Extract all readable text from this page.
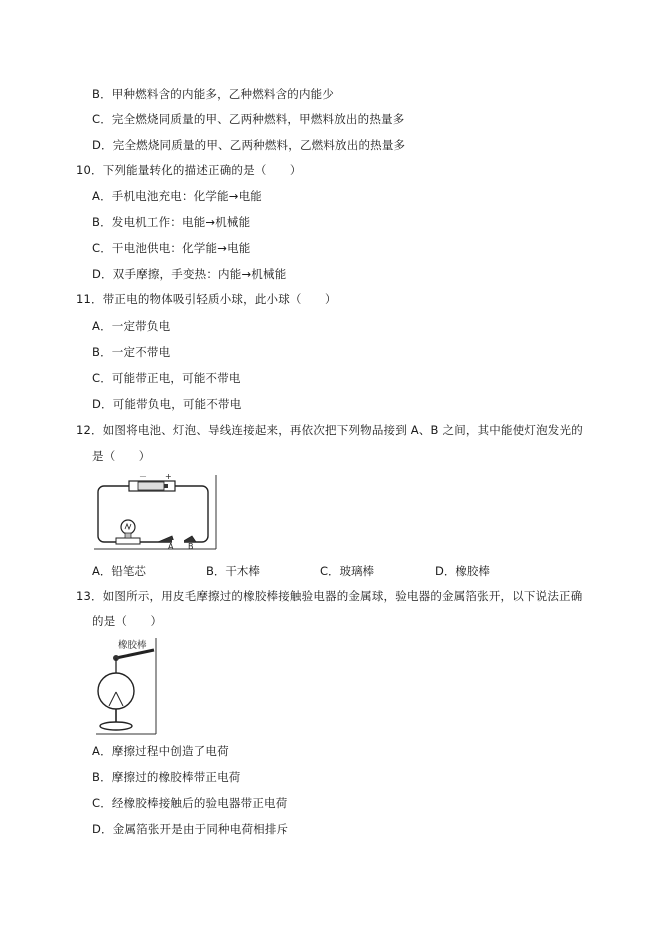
B．甲种燃料含的内能多，乙种燃料含的内能少
C．完全燃烧同质量的甲、乙两种燃料，甲燃料放出的热量多
D．完全燃烧同质量的甲、乙两种燃料，乙燃料放出的热量多
10．下列能量转化的描述正确的是（　　）
A．手机电池充电：化学能→电能
B．发电机工作：电能→机械能
C．干电池供电：化学能→电能
D．双手摩擦，手变热：内能→机械能
11．带正电的物体吸引轻质小球，此小球（　　）
A．一定带负电
B．一定不带电
C．可能带正电，可能不带电
D．可能带负电，可能不带电
12．如图将电池、灯泡、导线连接起来，再依次把下列物品接到 A、B 之间，其中能使灯泡发光的
是（　　）
－ +
A B
A．铅笔芯	B．干木棒	C．玻璃棒	D．橡胶棒
13．如图所示，用皮毛摩擦过的橡胶棒接触验电器的金属球，验电器的金属箔张开，以下说法正确
的是（　　）
橡胶棒
A．摩擦过程中创造了电荷
B．摩擦过的橡胶棒带正电荷
C．经橡胶棒接触后的验电器带正电荷
D．金属箔张开是由于同种电荷相排斥
